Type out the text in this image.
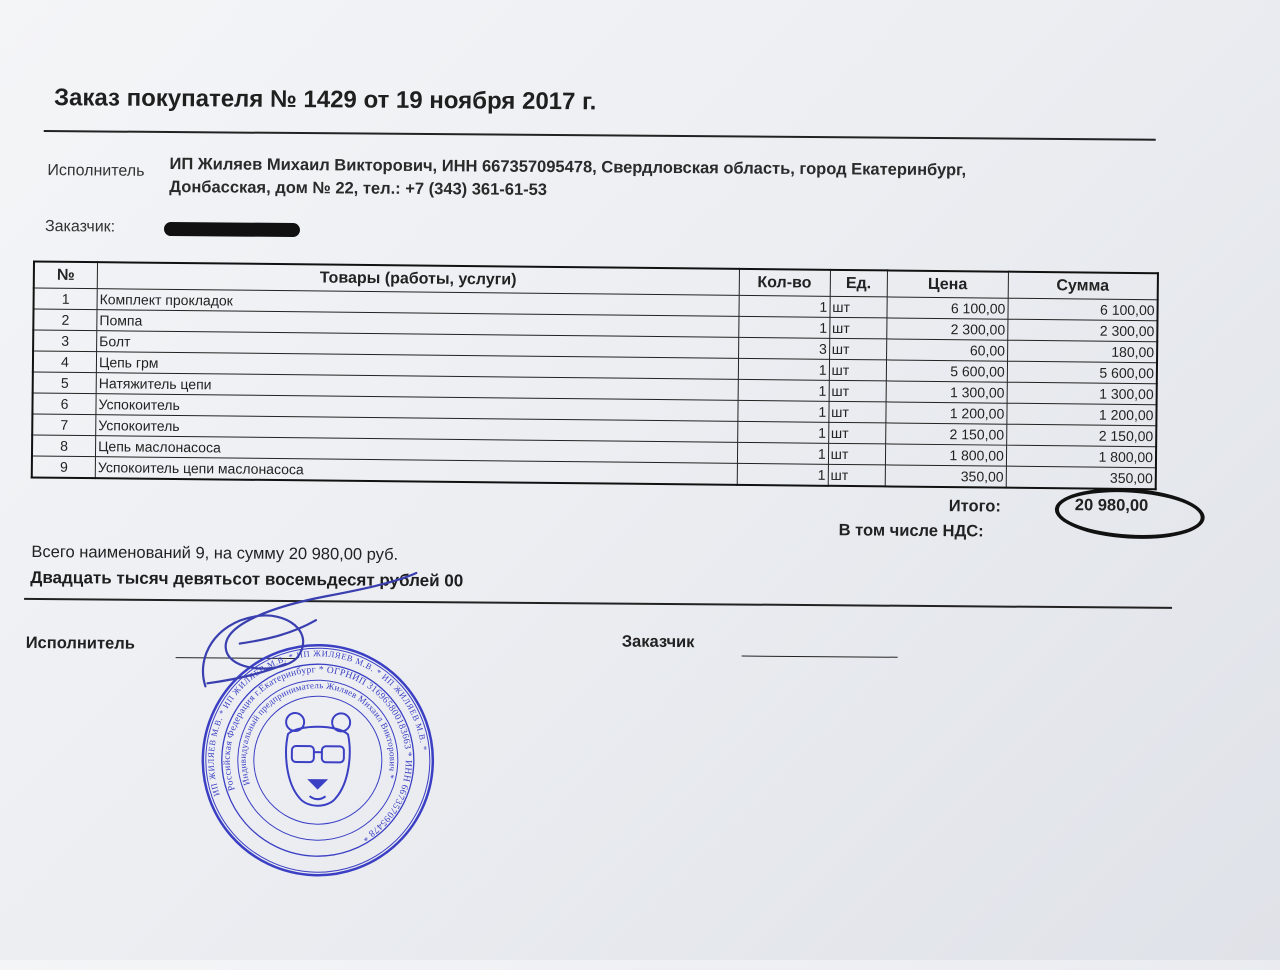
Заказ покупателя № 1429 от 19 ноября 2017 г.
Исполнитель ИП Жиляев Михаил Викторович, ИНН 667357095478, Свердловская область, город Екатеринбург,
Донбасская, дом № 22, тел.: +7 (343) 361-61-53
Заказчик:
№	Товары (работы, услуги)	Кол-во	Ед.	Цена	Сумма
1	Комплект прокладок	1	шт	6 100,00	6 100,00
2	Помпа	1	шт	2 300,00	2 300,00
3	Болт	3	шт	60,00	180,00
4	Цепь грм	1	шт	5 600,00	5 600,00
5	Натяжитель цепи	1	шт	1 300,00	1 300,00
6	Успокоитель	1	шт	1 200,00	1 200,00
7	Успокоитель	1	шт	2 150,00	2 150,00
8	Цепь маслонасоса	1	шт	1 800,00	1 800,00
9	Успокоитель цепи маслонасоса	1	шт	350,00	350,00
Итого:	20 980,00
В том числе НДС:
Всего наименований 9, на сумму 20 980,00 руб.
Двадцать тысяч девятьсот восемьдесят рублей 00
Исполнитель	Заказчик
ИП ЖИЛЯЕВ М.В. * ИП ЖИЛЯЕВ М.В. * ИП ЖИЛЯЕВ М.В. * ИП ЖИЛЯЕВ М.В. *
Российская Федерация г.Екатеринбург * ОГРНИП 316965800183663 * ИНН 667357095478 *
Индивидуальный предприниматель Жиляев Михаил Викторович *
